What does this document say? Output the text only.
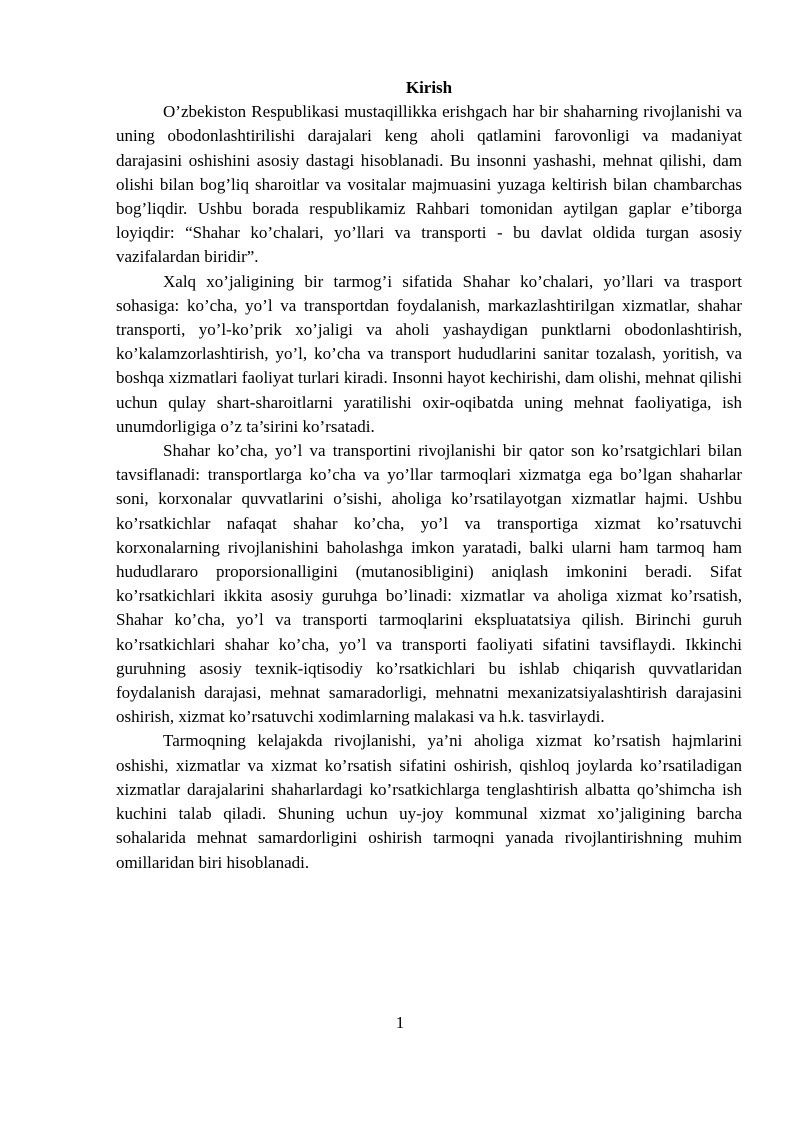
Kirish

O’zbekiston Respublikasi mustaqillikka erishgach har bir shaharning rivojlanishi va uning obodonlashtirilishi darajalari keng aholi qatlamini farovonligi va madaniyat darajasini oshishini asosiy dastagi hisoblanadi. Bu insonni yashashi, mehnat qilishi, dam olishi bilan bog’liq sharoitlar va vositalar majmuasini yuzaga keltirish bilan chambarchas bog’liqdir. Ushbu borada respublikamiz Rahbari tomonidan aytilgan gaplar e’tiborga loyiqdir: “Shahar ko’chalari, yo’llari va transporti - bu davlat oldida turgan asosiy vazifalardan biridir”.

Xalq xo’jaligining bir tarmog’i sifatida Shahar ko’chalari, yo’llari va trasport sohasiga: ko’cha, yo’l va transportdan foydalanish, markazlashtirilgan xizmatlar, shahar transporti, yo’l-ko’prik xo’jaligi va aholi yashaydigan punktlarni obodonlashtirish, ko’kalamzorlashtirish, yo’l, ko’cha va transport hududlarini sanitar tozalash, yoritish, va boshqa xizmatlari faoliyat turlari kiradi. Insonni hayot kechirishi, dam olishi, mehnat qilishi uchun qulay shart-sharoitlarni yaratilishi oxir-oqibatda uning mehnat faoliyatiga, ish unumdorligiga o’z ta’sirini ko’rsatadi.

Shahar ko’cha, yo’l va transportini rivojlanishi bir qator son ko’rsatgichlari bilan tavsiflanadi: transportlarga ko’cha va yo’llar tarmoqlari xizmatga ega bo’lgan shaharlar soni, korxonalar quvvatlarini o’sishi, aholiga ko’rsatilayotgan xizmatlar hajmi. Ushbu ko’rsatkichlar nafaqat shahar ko’cha, yo’l va transportiga xizmat ko’rsatuvchi korxonalarning rivojlanishini baholashga imkon yaratadi, balki ularni ham tarmoq ham hududlararo proporsionalligini (mutanosibligini) aniqlash imkonini beradi. Sifat ko’rsatkichlari ikkita asosiy guruhga bo’linadi: xizmatlar va aholiga xizmat ko’rsatish, Shahar ko’cha, yo’l va transporti tarmoqlarini ekspluatatsiya qilish. Birinchi guruh ko’rsatkichlari shahar ko’cha, yo’l va transporti faoliyati sifatini tavsiflaydi. Ikkinchi guruhning asosiy texnik-iqtisodiy ko’rsatkichlari bu ishlab chiqarish quvvatlaridan foydalanish darajasi, mehnat samaradorligi, mehnatni mexanizatsiyalashtirish darajasini oshirish, xizmat ko’rsatuvchi xodimlarning malakasi va h.k. tasvirlaydi.

Tarmoqning kelajakda rivojlanishi, ya’ni aholiga xizmat ko’rsatish hajmlarini oshishi, xizmatlar va xizmat ko’rsatish sifatini oshirish, qishloq joylarda ko’rsatiladigan xizmatlar darajalarini shaharlardagi ko’rsatkichlarga tenglashtirish albatta qo’shimcha ish kuchini talab qiladi. Shuning uchun uy-joy kommunal xizmat xo’jaligining barcha sohalarida mehnat samardorligini oshirish tarmoqni yanada rivojlantirishning muhim omillaridan biri hisoblanadi.

1
